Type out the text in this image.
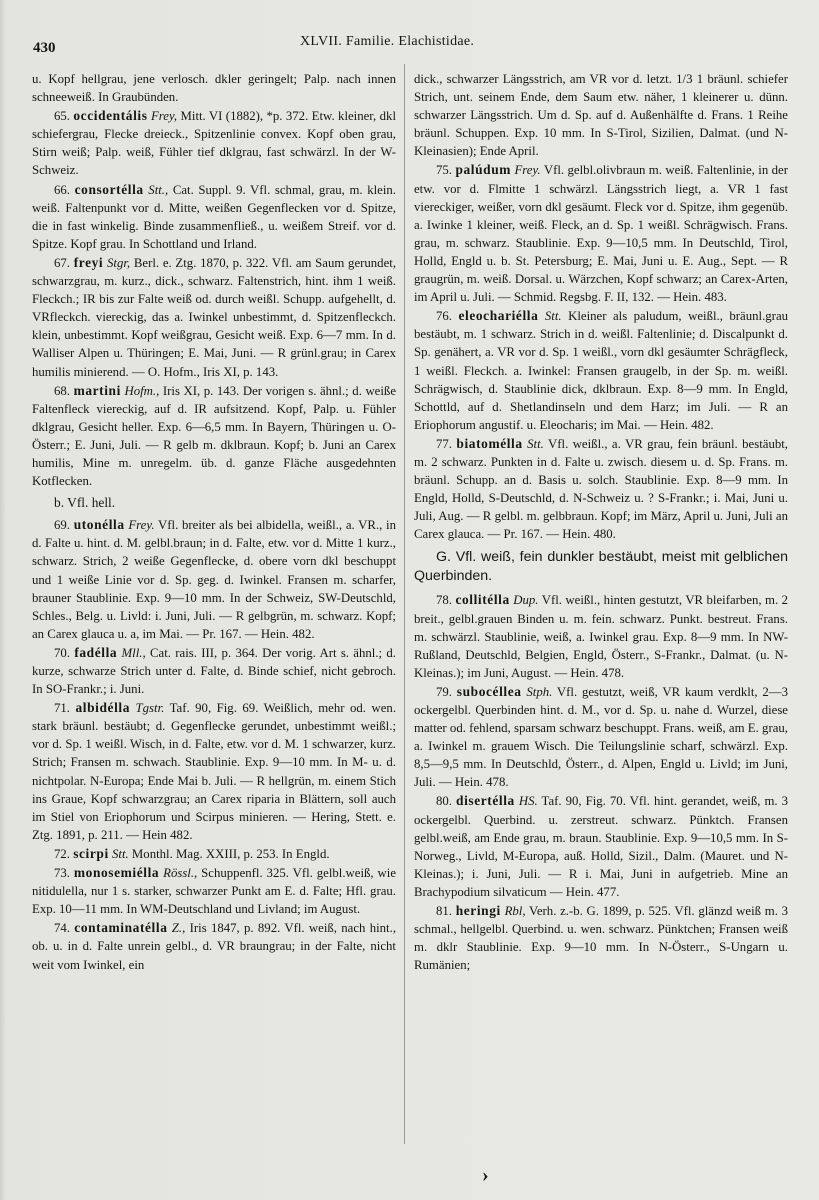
430	XLVII. Familie. Elachistidae.

u. Kopf hellgrau, jene verlosch. dkler geringelt; Palp. nach innen schneeweiß. In Graubünden.

65. occidentális Frey, Mitt. VI (1882), *p. 372. Etw. kleiner, dkl schiefergrau, Flecke dreieck., Spitzenlinie convex. Kopf oben grau, Stirn weiß; Palp. weiß, Fühler tief dklgrau, fast schwärzl. In der W-Schweiz.

66. consortélla Stt., Cat. Suppl. 9. Vfl. schmal, grau, m. klein. weiß. Faltenpunkt vor d. Mitte, weißen Gegenflecken vor d. Spitze, die in fast winkelig. Binde zusammenfließ., u. weißem Streif. vor d. Spitze. Kopf grau. In Schottland und Irland.

67. freyi Stgr, Berl. e. Ztg. 1870, p. 322. Vfl. am Saum gerundet, schwarzgrau, m. kurz., dick., schwarz. Faltenstrich, hint. ihm 1 weiß. Fleckch.; IR bis zur Falte weiß od. durch weißl. Schupp. aufgehellt, d. VRfleckch. viereckig, das a. Iwinkel unbestimmt, d. Spitzenfleckch. klein, unbestimmt. Kopf weißgrau, Gesicht weiß. Exp. 6—7 mm. In d. Walliser Alpen u. Thüringen; E. Mai, Juni. — R grünl.grau; in Carex humilis minierend. — O. Hofm., Iris XI, p. 143.

68. martini Hofm., Iris XI, p. 143. Der vorigen s. ähnl.; d. weiße Faltenfleck viereckig, auf d. IR aufsitzend. Kopf, Palp. u. Fühler dklgrau, Gesicht heller. Exp. 6—6,5 mm. In Bayern, Thüringen u. O-Österr.; E. Juni, Juli. — R gelb m. dklbraun. Kopf; b. Juni an Carex humilis, Mine m. unregelm. üb. d. ganze Fläche ausgedehnten Kotflecken.

b. Vfl. hell.

69. utonélla Frey. Vfl. breiter als bei albidella, weißl., a. VR., in d. Falte u. hint. d. M. gelbl.braun; in d. Falte, etw. vor d. Mitte 1 kurz., schwarz. Strich, 2 weiße Gegenflecke, d. obere vorn dkl beschuppt und 1 weiße Linie vor d. Sp. geg. d. Iwinkel. Fransen m. scharfer, brauner Staublinie. Exp. 9—10 mm. In der Schweiz, SW-Deutschld, Schles., Belg. u. Livld: i. Juni, Juli. — R gelbgrün, m. schwarz. Kopf; an Carex glauca u. a, im Mai. — Pr. 167. — Hein. 482.

70. fadélla Mll., Cat. rais. III, p. 364. Der vorig. Art s. ähnl.; d. kurze, schwarze Strich unter d. Falte, d. Binde schief, nicht gebroch. In SO-Frankr.; i. Juni.

71. albidélla Tgstr. Taf. 90, Fig. 69. Weißlich, mehr od. wen. stark bräunl. bestäubt; d. Gegenflecke gerundet, unbestimmt weißl.; vor d. Sp. 1 weißl. Wisch, in d. Falte, etw. vor d. M. 1 schwarzer, kurz. Strich; Fransen m. schwach. Staublinie. Exp. 9—10 mm. In M- u. d. nichtpolar. N-Europa; Ende Mai b. Juli. — R hellgrün, m. einem Stich ins Graue, Kopf schwarzgrau; an Carex riparia in Blättern, soll auch im Stiel von Eriophorum und Scirpus minieren. — Hering, Stett. e. Ztg. 1891, p. 211. — Hein 482.

72. scirpi Stt. Monthl. Mag. XXIII, p. 253. In Engld.

73. monosemiélla Rössl., Schuppenfl. 325. Vfl. gelbl.weiß, wie nitidulella, nur 1 s. starker, schwarzer Punkt am E. d. Falte; Hfl. grau. Exp. 10—11 mm. In WM-Deutschland und Livland; im August.

74. contaminatélla Z., Iris 1847, p. 892. Vfl. weiß, nach hint., ob. u. in d. Falte unrein gelbl., d. VR braungrau; in der Falte, nicht weit vom Iwinkel, ein

dick., schwarzer Längsstrich, am VR vor d. letzt. 1/3 1 bräunl. schiefer Strich, unt. seinem Ende, dem Saum etw. näher, 1 kleinerer u. dünn. schwarzer Längsstrich. Um d. Sp. auf d. Außenhälfte d. Frans. 1 Reihe bräunl. Schuppen. Exp. 10 mm. In S-Tirol, Sizilien, Dalmat. (und N-Kleinasien); Ende April.

75. palúdum Frey. Vfl. gelbl.olivbraun m. weiß. Faltenlinie, in der etw. vor d. Flmitte 1 schwärzl. Längsstrich liegt, a. VR 1 fast viereckiger, weißer, vorn dkl gesäumt. Fleck vor d. Spitze, ihm gegenüb. a. Iwinke 1 kleiner, weiß. Fleck, an d. Sp. 1 weißl. Schrägwisch. Frans. grau, m. schwarz. Staublinie. Exp. 9—10,5 mm. In Deutschld, Tirol, Holld, Engld u. b. St. Petersburg; E. Mai, Juni u. E. Aug., Sept. — R graugrün, m. weiß. Dorsal. u. Wärzchen, Kopf schwarz; an Carex-Arten, im April u. Juli. — Schmid. Regsbg. F. II, 132. — Hein. 483.

76. eleochariélla Stt. Kleiner als paludum, weißl., bräunl.grau bestäubt, m. 1 schwarz. Strich in d. weißl. Faltenlinie; d. Discalpunkt d. Sp. genähert, a. VR vor d. Sp. 1 weißl., vorn dkl gesäumter Schrägfleck, 1 weißl. Fleckch. a. Iwinkel: Fransen graugelb, in der Sp. m. weißl. Schrägwisch, d. Staublinie dick, dklbraun. Exp. 8—9 mm. In Engld, Schottld, auf d. Shetlandinseln und dem Harz; im Juli. — R an Eriophorum angustif. u. Eleocharis; im Mai. — Hein. 482.

77. biatomélla Stt. Vfl. weißl., a. VR grau, fein bräunl. bestäubt, m. 2 schwarz. Punkten in d. Falte u. zwisch. diesem u. d. Sp. Frans. m. bräunl. Schupp. an d. Basis u. solch. Staublinie. Exp. 8—9 mm. In Engld, Holld, S-Deutschld, d. N-Schweiz u. ? S-Frankr.; i. Mai, Juni u. Juli, Aug. — R gelbl. m. gelbbraun. Kopf; im März, April u. Juni, Juli an Carex glauca. — Pr. 167. — Hein. 480.

G. Vfl. weiß, fein dunkler bestäubt, meist mit gelblichen Querbinden.

78. collitélla Dup. Vfl. weißl., hinten gestutzt, VR bleifarben, m. 2 breit., gelbl.grauen Binden u. m. fein. schwarz. Punkt. bestreut. Frans. m. schwärzl. Staublinie, weiß, a. Iwinkel grau. Exp. 8—9 mm. In NW-Rußland, Deutschld, Belgien, Engld, Österr., S-Frankr., Dalmat. (u. N-Kleinas.); im Juni, August. — Hein. 478.

79. subocéllea Stph. Vfl. gestutzt, weiß, VR kaum verdklt, 2—3 ockergelbl. Querbinden hint. d. M., vor d. Sp. u. nahe d. Wurzel, diese matter od. fehlend, sparsam schwarz beschuppt. Frans. weiß, am E. grau, a. Iwinkel m. grauem Wisch. Die Teilungslinie scharf, schwärzl. Exp. 8,5—9,5 mm. In Deutschld, Österr., d. Alpen, Engld u. Livld; im Juni, Juli. — Hein. 478.

80. disertélla HS. Taf. 90, Fig. 70. Vfl. hint. gerandet, weiß, m. 3 ockergelbl. Querbind. u. zerstreut. schwarz. Pünktch. Fransen gelbl.weiß, am Ende grau, m. braun. Staublinie. Exp. 9—10,5 mm. In S-Norweg., Livld, M-Europa, auß. Holld, Sizil., Dalm. (Mauret. und N-Kleinas.); i. Juni, Juli. — R i. Mai, Juni in aufgetrieb. Mine an Brachypodium silvaticum — Hein. 477.

81. heringi Rbl, Verh. z.-b. G. 1899, p. 525. Vfl. glänzd weiß m. 3 schmal., hellgelbl. Querbind. u. wen. schwarz. Pünktchen; Fransen weiß m. dklr Staublinie. Exp. 9—10 mm. In N-Österr., S-Ungarn u. Rumänien;

›
